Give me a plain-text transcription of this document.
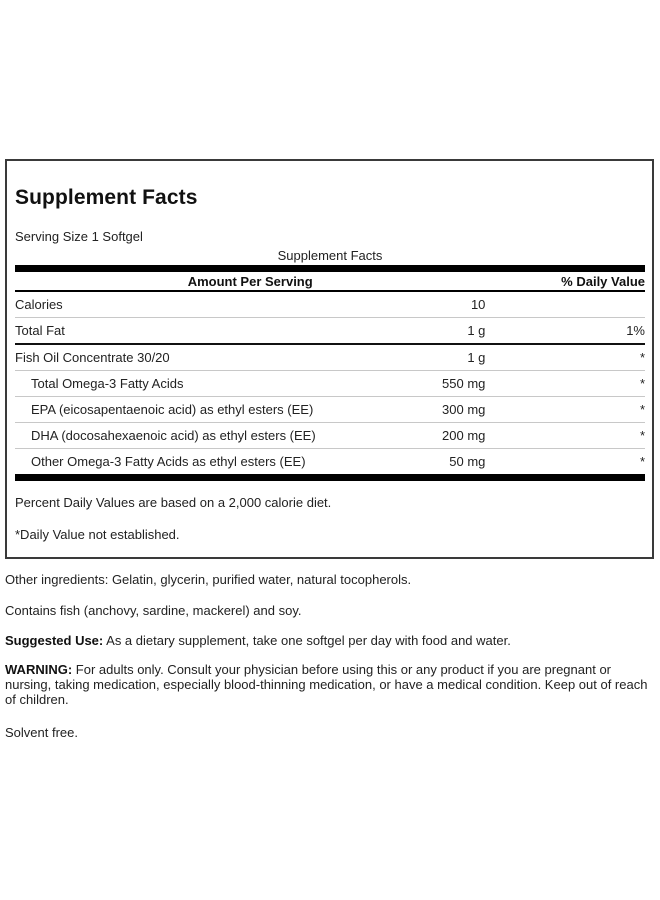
Supplement Facts
Serving Size 1 Softgel
Supplement Facts
Amount Per Serving		% Daily Value
Calories	10	
Total Fat	1 g	1%
Fish Oil Concentrate 30/20	1 g	*
Total Omega-3 Fatty Acids	550 mg	*
EPA (eicosapentaenoic acid) as ethyl esters (EE)	300 mg	*
DHA (docosahexaenoic acid) as ethyl esters (EE)	200 mg	*
Other Omega-3 Fatty Acids as ethyl esters (EE)	50 mg	*
Percent Daily Values are based on a 2,000 calorie diet.
*Daily Value not established.

Other ingredients: Gelatin, glycerin, purified water, natural tocopherols.

Contains fish (anchovy, sardine, mackerel) and soy.

Suggested Use: As a dietary supplement, take one softgel per day with food and water.

WARNING: For adults only. Consult your physician before using this or any product if you are pregnant or nursing, taking medication, especially blood-thinning medication, or have a medical condition. Keep out of reach of children.

Solvent free.
